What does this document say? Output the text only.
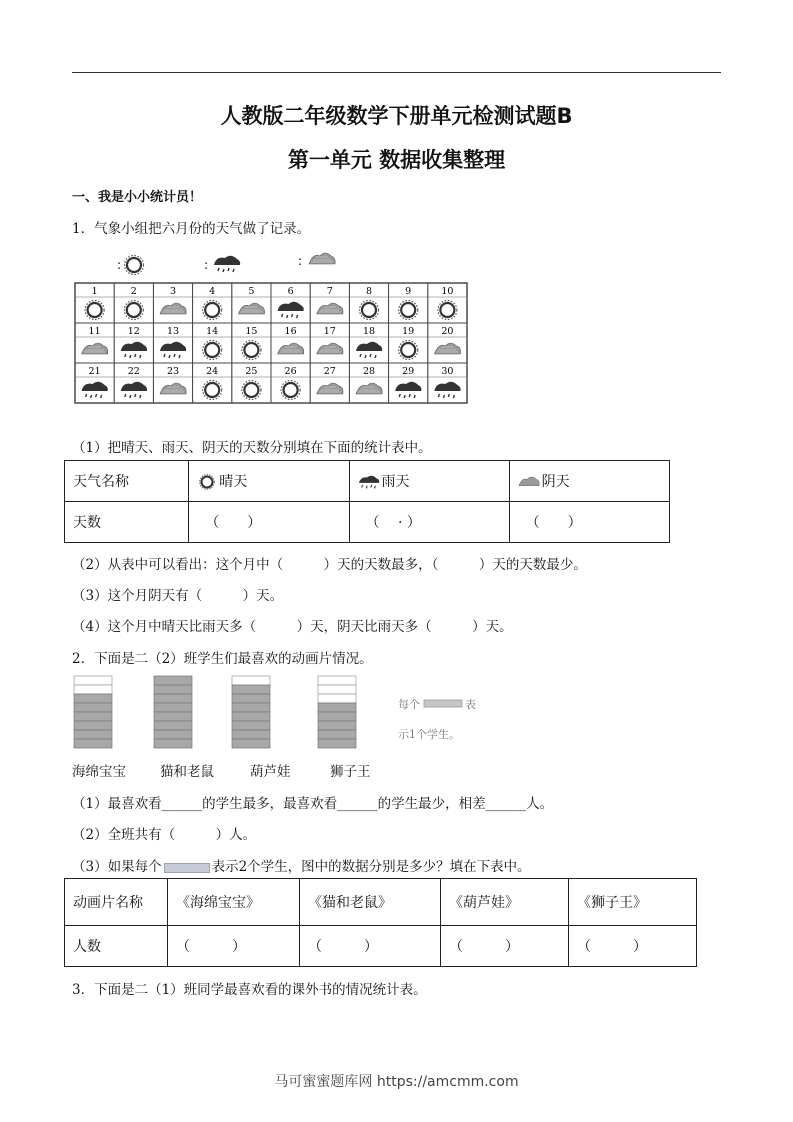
人教版二年级数学下册单元检测试题B
第一单元 数据收集整理
一、我是小小统计员！
1．气象小组把六月份的天气做了记录。
:	:	:
1	2	3	4	5	6	7	8	9	10
11	12	13	14	15	16	17	18	19	20
21	22	23	24	25	26	27	28	29	30
（1）把晴天、雨天、阴天的天数分别填在下面的统计表中。
天气名称	晴天	雨天	阴天
天数	（　　）	（　 · ）	（　　）
（2）从表中可以看出：这个月中（　　　）天的天数最多，（　　　）天的天数最少。
（3）这个月阴天有（　　　）天。
（4）这个月中晴天比雨天多（　　　）天，阴天比雨天多（　　　）天。
2．下面是二（2）班学生们最喜欢的动画片情况。
每个	表
示1个学生。
海绵宝宝	猫和老鼠	葫芦娃	狮子王
（1）最喜欢看______的学生最多，最喜欢看______的学生最少，相差______人。
（2）全班共有（　　　）人。
（3）如果每个	表示2个学生，图中的数据分别是多少？填在下表中。
动画片名称	《海绵宝宝》	《猫和老鼠》	《葫芦娃》	《狮子王》
人数	（　　　）	（　　　）	（　　　）	（　　　）
3．下面是二（1）班同学最喜欢看的课外书的情况统计表。
马可蜜蜜题库网 https://amcmm.com
